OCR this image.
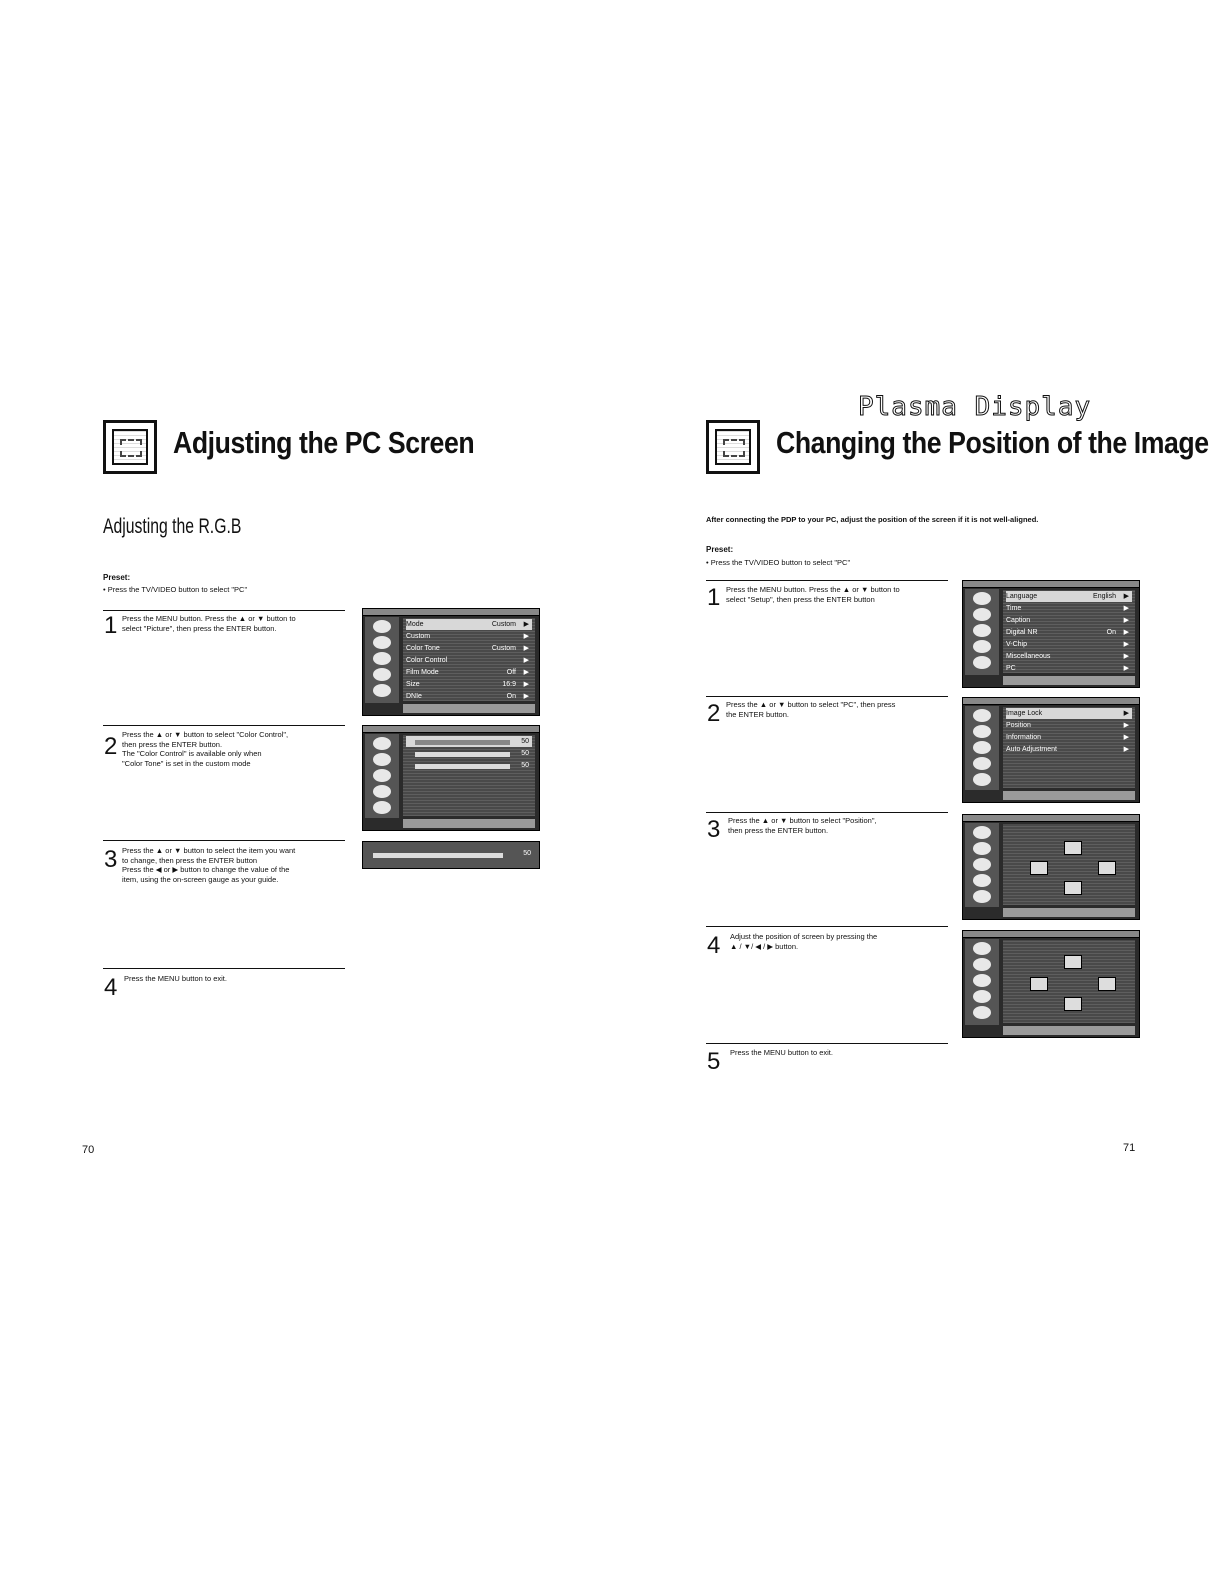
Adjusting the PC Screen
Adjusting the R.G.B
Preset:
• Press the TV/VIDEO button to select "PC"
1 Press the MENU button. Press the ▲ or ▼ button to
select "Picture", then press the ENTER button.
2 Press the ▲ or ▼ button to select "Color Control",
then press the ENTER button.
The "Color Control" is available only when
"Color Tone" is set in the custom mode
3 Press the ▲ or ▼ button to select the item you want
to change, then press the ENTER button
Press the ◀ or ▶ button to change the value of the
item, using the on-screen gauge as your guide.
4 Press the MENU button to exit.
Mode	Custom ▶
Custom	▶
Color Tone	Custom ▶
Color Control	▶
Film Mode	Off ▶
Size	16:9 ▶
DNIe	On ▶
50
50
50
50
70
Plasma Display
Changing the Position of the Image
After connecting the PDP to your PC, adjust the position of the screen if it is not well-aligned.
Preset:
• Press the TV/VIDEO button to select "PC"
1 Press the MENU button. Press the ▲ or ▼ button to
select "Setup", then press the ENTER button
2 Press the ▲ or ▼ button to select "PC", then press
the ENTER button.
3 Press the ▲ or ▼ button to select "Position",
then press the ENTER button.
4 Adjust the position of screen by pressing the
▲ / ▼/ ◀ / ▶ button.
5 Press the MENU button to exit.
Language	English ▶
Time	▶
Caption	▶
Digital NR	On ▶
V-Chip	▶
Miscellaneous	▶
PC	▶
Image Lock	▶
Position	▶
Information	▶
Auto Adjustment	▶
71
